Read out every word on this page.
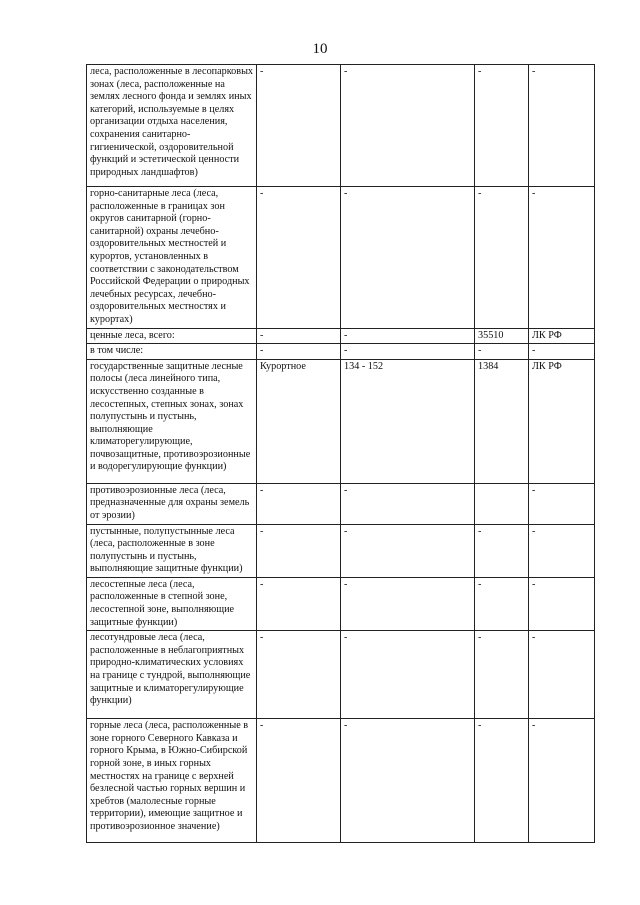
10
леса, расположенные в лесопарковых зонах (леса, расположенные на землях лесного фонда и землях иных категорий, используемые в целях организации отдыха населения, сохранения санитарно-гигиенической, оздоровительной функций и эстетической ценности природных ландшафтов)	-	-	-	-
горно-санитарные леса (леса, расположенные в границах зон округов санитарной (горно-санитарной) охраны лечебно-оздоровительных местностей и курортов, установленных в соответствии с законодательством Российской Федерации о природных лечебных ресурсах, лечебно-оздоровительных местностях и курортах)	-	-	-	-
ценные леса, всего:	-	-	35510	ЛК РФ
в том числе:	-	-	-	-
государственные защитные лесные полосы (леса линейного типа, искусственно созданные в лесостепных, степных зонах, зонах полупустынь и пустынь, выполняющие климаторегулирующие, почвозащитные, противоэрозионные и водорегулирующие функции)	Курортное	134 - 152	1384	ЛК РФ
противоэрозионные леса (леса, предназначенные для охраны земель от эрозии)	-	-		-
пустынные, полупустынные леса (леса, расположенные в зоне полупустынь и пустынь, выполняющие защитные функции)	-	-	-	-
лесостепные леса (леса, расположенные в степной зоне, лесостепной зоне, выполняющие защитные функции)	-	-	-	-
лесотундровые леса (леса, расположенные в неблагоприятных природно-климатических условиях на границе с тундрой, выполняющие защитные и климаторегулирующие функции)	-	-	-	-
горные леса (леса, расположенные в зоне горного Северного Кавказа и горного Крыма, в Южно-Сибирской горной зоне, в иных горных местностях на границе с верхней безлесной частью горных вершин и хребтов (малолесные горные территории), имеющие защитное и противоэрозионное значение)	-	-	-	-
